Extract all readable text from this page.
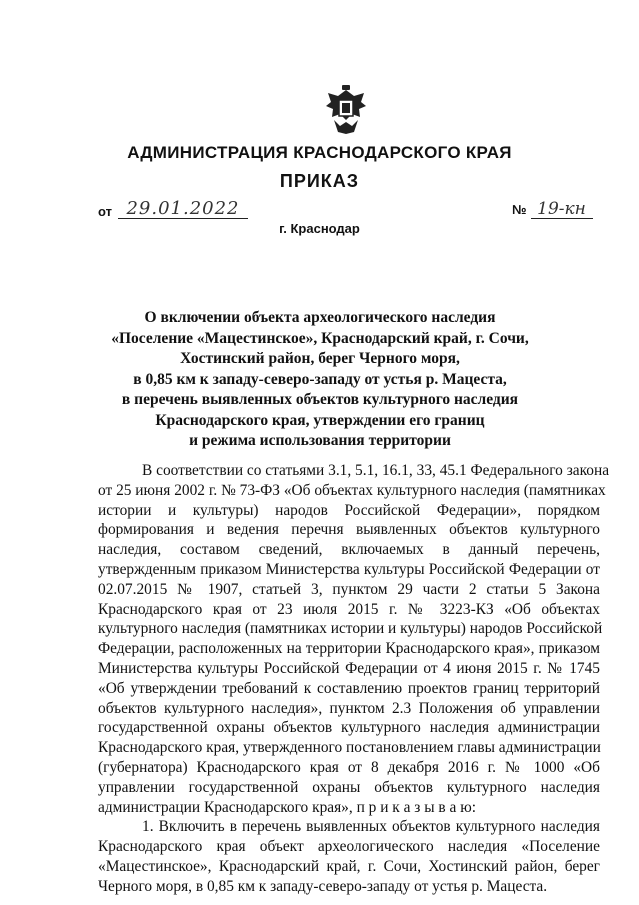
АДМИНИСТРАЦИЯ КРАСНОДАРСКОГО КРАЯ
ПРИКАЗ
от 29.01.2022	№ 19-кн
г. Краснодар
О включении объекта археологического наследия
«Поселение «Мацестинское», Краснодарский край, г. Сочи,
Хостинский район, берег Черного моря,
в 0,85 км к западу-северо-западу от устья р. Мацеста,
в перечень выявленных объектов культурного наследия
Краснодарского края, утверждении его границ
и режима использования территории
В соответствии со статьями 3.1, 5.1, 16.1, 33, 45.1 Федерального закона
от 25 июня 2002 г. № 73-ФЗ «Об объектах культурного наследия (памятниках
истории и культуры) народов Российской Федерации», порядком
формирования и ведения перечня выявленных объектов культурного
наследия, составом сведений, включаемых в данный перечень,
утвержденным приказом Министерства культуры Российской Федерации от
02.07.2015 № 1907, статьей 3, пунктом 29 части 2 статьи 5 Закона
Краснодарского края от 23 июля 2015 г. № 3223-КЗ «Об объектах
культурного наследия (памятниках истории и культуры) народов Российской
Федерации, расположенных на территории Краснодарского края», приказом
Министерства культуры Российской Федерации от 4 июня 2015 г. № 1745
«Об утверждении требований к составлению проектов границ территорий
объектов культурного наследия», пунктом 2.3 Положения об управлении
государственной охраны объектов культурного наследия администрации
Краснодарского края, утвержденного постановлением главы администрации
(губернатора) Краснодарского края от 8 декабря 2016 г. № 1000 «Об
управлении государственной охраны объектов культурного наследия
администрации Краснодарского края», п р и к а з ы в а ю:
1. Включить в перечень выявленных объектов культурного наследия
Краснодарского края объект археологического наследия «Поселение
«Мацестинское», Краснодарский край, г. Сочи, Хостинский район, берег
Черного моря, в 0,85 км к западу-северо-западу от устья р. Мацеста.
